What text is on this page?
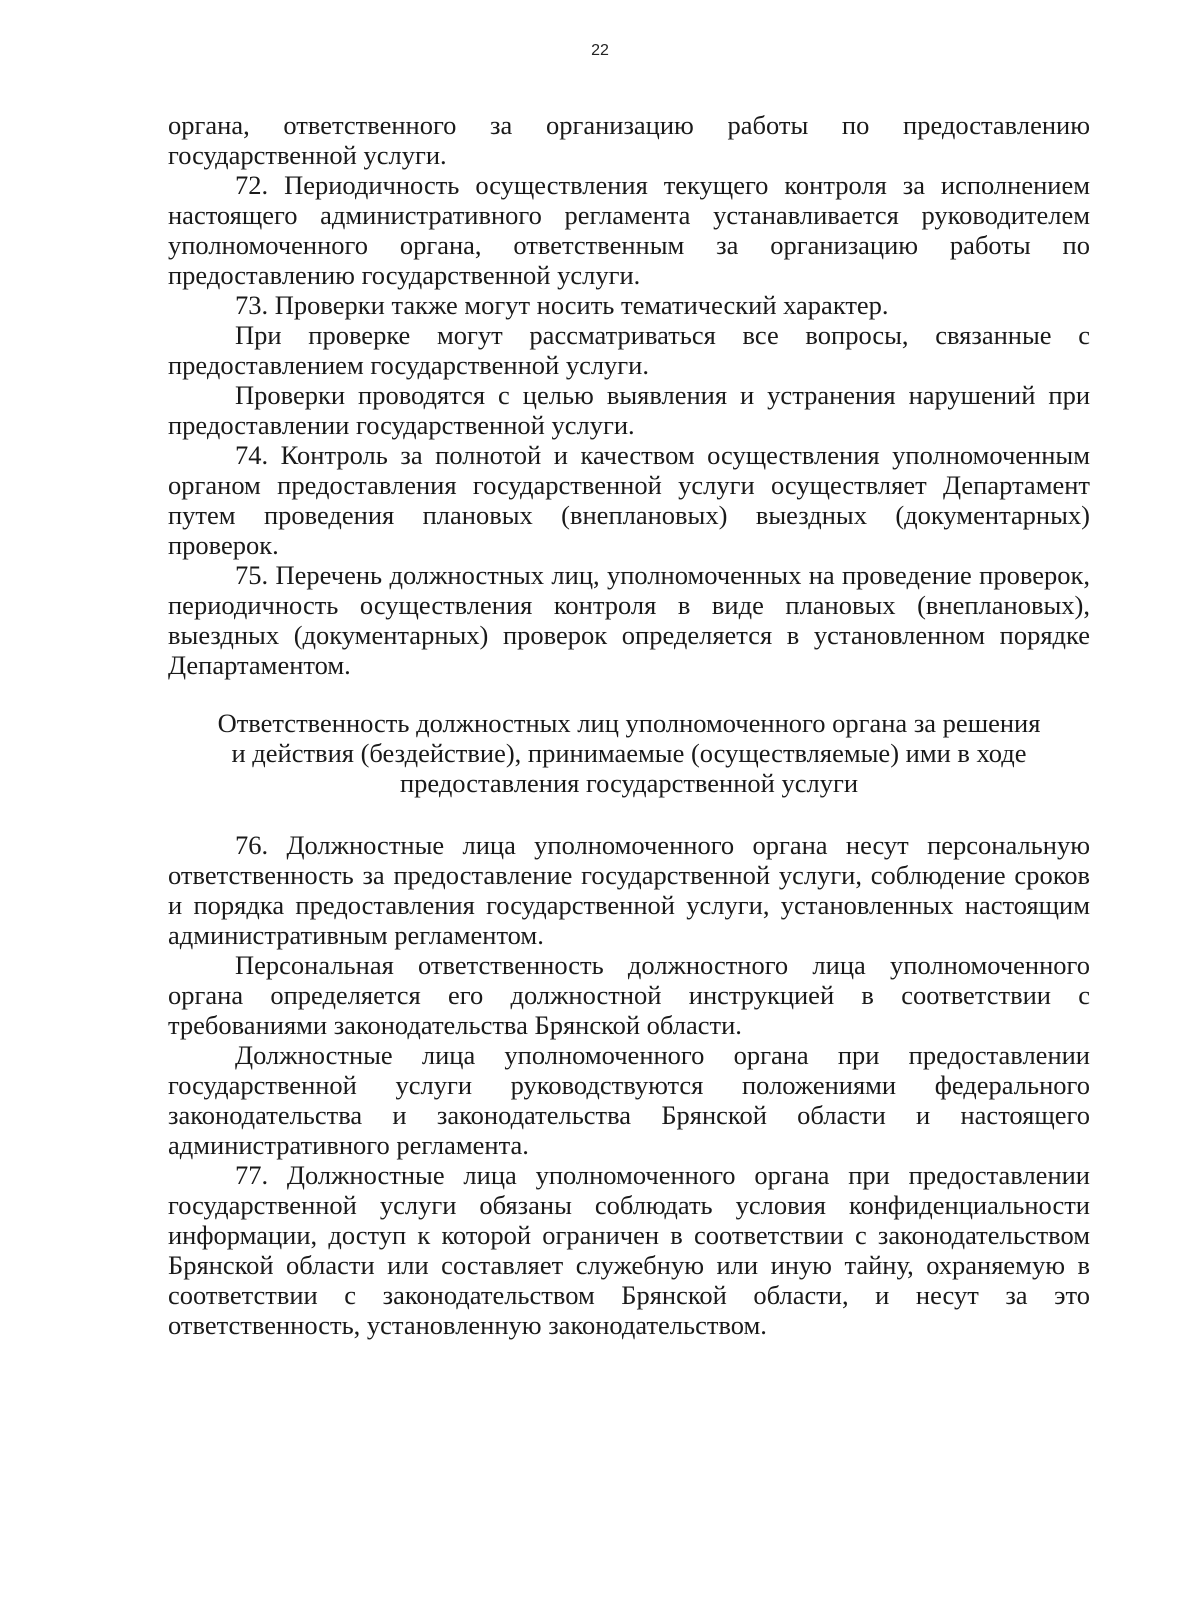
22

органа, ответственного за организацию работы по предоставлению государственной услуги.

72. Периодичность осуществления текущего контроля за исполнением настоящего административного регламента устанавливается руководителем уполномоченного органа, ответственным за организацию работы по предоставлению государственной услуги.

73. Проверки также могут носить тематический характер.

При проверке могут рассматриваться все вопросы, связанные с предоставлением государственной услуги.

Проверки проводятся с целью выявления и устранения нарушений при предоставлении государственной услуги.

74. Контроль за полнотой и качеством осуществления уполномоченным органом предоставления государственной услуги осуществляет Департамент путем проведения плановых (внеплановых) выездных (документарных) проверок.

75. Перечень должностных лиц, уполномоченных на проведение проверок, периодичность осуществления контроля в виде плановых (внеплановых), выездных (документарных) проверок определяется в установленном порядке Департаментом.

Ответственность должностных лиц уполномоченного органа за решения
и действия (бездействие), принимаемые (осуществляемые) ими в ходе
предоставления государственной услуги

76. Должностные лица уполномоченного органа несут персональную ответственность за предоставление государственной услуги, соблюдение сроков и порядка предоставления государственной услуги, установленных настоящим административным регламентом.

Персональная ответственность должностного лица уполномоченного органа определяется его должностной инструкцией в соответствии с требованиями законодательства Брянской области.

Должностные лица уполномоченного органа при предоставлении государственной услуги руководствуются положениями федерального законодательства и законодательства Брянской области и настоящего административного регламента.

77. Должностные лица уполномоченного органа при предоставлении государственной услуги обязаны соблюдать условия конфиденциальности информации, доступ к которой ограничен в соответствии с законодательством Брянской области или составляет служебную или иную тайну, охраняемую в соответствии с законодательством Брянской области, и несут за это ответственность, установленную законодательством.
